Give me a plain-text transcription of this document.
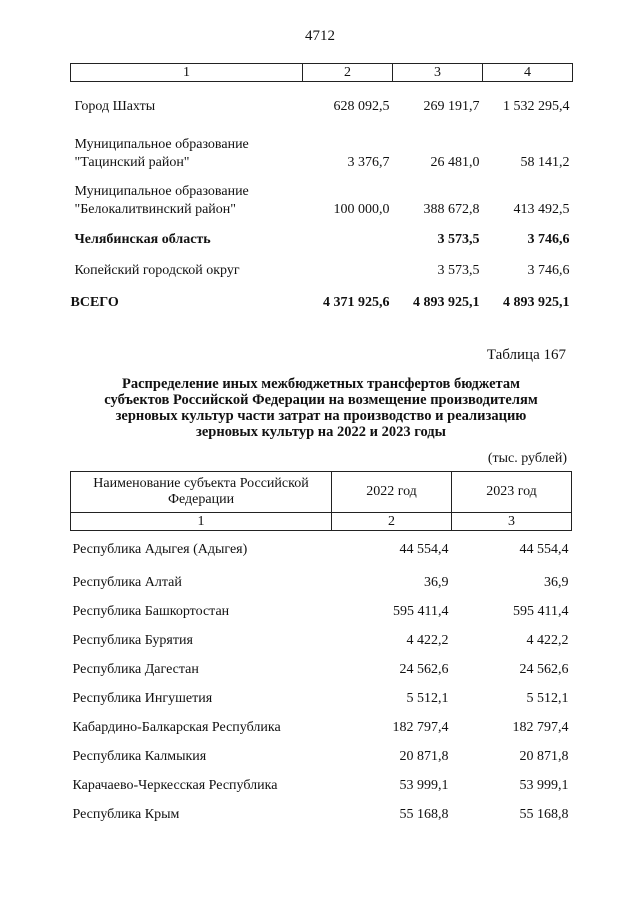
4712
1	2	3	4
Город Шахты	628 092,5	269 191,7	1 532 295,4
Муниципальное образование
"Тацинский район"	3 376,7	26 481,0	58 141,2
Муниципальное образование
"Белокалитвинский район"	100 000,0	388 672,8	413 492,5
Челябинская область		3 573,5	3 746,6
Копейский городской округ		3 573,5	3 746,6
ВСЕГО	4 371 925,6	4 893 925,1	4 893 925,1
Таблица 167
Распределение иных межбюджетных трансфертов бюджетам
субъектов Российской Федерации на возмещение производителям
зерновых культур части затрат на производство и реализацию
зерновых культур на 2022 и 2023 годы
(тыс. рублей)
Наименование субъекта Российской Федерации	2022 год	2023 год
1	2	3
Республика Адыгея (Адыгея)	44 554,4	44 554,4
Республика Алтай	36,9	36,9
Республика Башкортостан	595 411,4	595 411,4
Республика Бурятия	4 422,2	4 422,2
Республика Дагестан	24 562,6	24 562,6
Республика Ингушетия	5 512,1	5 512,1
Кабардино-Балкарская Республика	182 797,4	182 797,4
Республика Калмыкия	20 871,8	20 871,8
Карачаево-Черкесская Республика	53 999,1	53 999,1
Республика Крым	55 168,8	55 168,8
